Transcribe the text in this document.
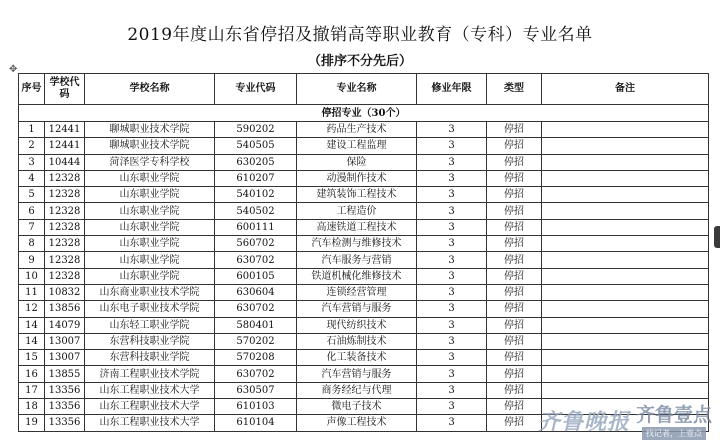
2019年度山东省停招及撤销高等职业教育（专科）专业名单
（排序不分先后）
✥
序号	学校代码	学校名称	专业代码	专业名称	修业年限	类型	备注
停招专业（30个）							
1	12441	聊城职业技术学院	590202	药品生产技术	3	停招	
2	12441	聊城职业技术学院	540505	建设工程监理	3	停招	
3	10444	菏泽医学专科学校	630205	保险	3	停招	
4	12328	山东职业学院	610207	动漫制作技术	3	停招	
5	12328	山东职业学院	540102	建筑装饰工程技术	3	停招	
6	12328	山东职业学院	540502	工程造价	3	停招	
7	12328	山东职业学院	600111	高速铁道工程技术	3	停招	
8	12328	山东职业学院	560702	汽车检测与维修技术	3	停招	
9	12328	山东职业学院	630702	汽车服务与营销	3	停招	
10	12328	山东职业学院	600105	铁道机械化维修技术	3	停招	
11	10832	山东商业职业技术学院	630604	连锁经营管理	3	停招	
12	13856	山东电子职业技术学院	630702	汽车营销与服务	3	停招	
14	14079	山东轻工职业学院	580401	现代纺织技术	3	停招	
14	13007	东营科技职业学院	570202	石油炼制技术	3	停招	
15	13007	东营科技职业学院	570208	化工装备技术	3	停招	
16	13855	济南工程职业技术学院	630702	汽车营销与服务	3	停招	
17	13356	山东工程职业技术大学	630507	商务经纪与代理	3	停招	
18	13356	山东工程职业技术大学	610103	微电子技术	3	停招	
19	13356	山东工程职业技术大学	610104	声像工程技术	3	停招	齐鲁晚报 齐鲁壹点
找记者，上壹点
